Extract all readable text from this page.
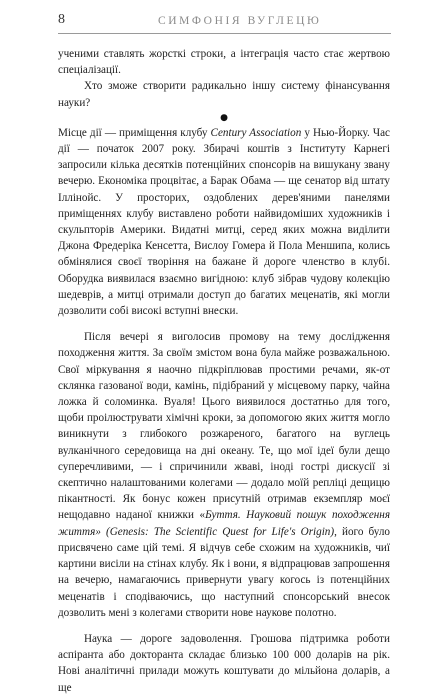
8	СИМФОНІЯ ВУГЛЕЦЮ

ученими ставлять жорсткі строки, а інтеграція часто стає жертвою спеціалізації.

Хто зможе створити радикально іншу систему фінансування науки?

●

Місце дії — приміщення клубу Century Association у Нью-Йорку. Час дії — початок 2007 року. Збирачі коштів з Інституту Карнегі запросили кілька десятків потенційних спонсорів на вишукану звану вечерю. Економіка процвітає, а Барак Обама — ще сенатор від штату Іллінойс. У просторих, оздоблених дерев'яними панелями приміщеннях клубу виставлено роботи найвидоміших художників і скульпторів Америки. Видатні митці, серед яких можна виділити Джона Фредеріка Кенсетта, Вислоу Гомера й Пола Меншипа, колись обмінялися своєї творіння на бажане й дороге членство в клубі. Оборудка виявилася взаємно вигідною: клуб зібрав чудову колекцію шедеврів, а митці отримали доступ до багатих меценатів, які могли дозволити собі високі вступні внески.

Після вечері я виголосив промову на тему дослідження походження життя. За своїм змістом вона була майже розважальною. Свої міркування я наочно підкріплював простими речами, як-от склянка газованої води, камінь, підібраний у місцевому парку, чайна ложка й соломинка. Вуаля! Цього виявилося достатньо для того, щоби проілюструвати хімічні кроки, за допомогою яких життя могло виникнути з глибокого розжареного, багатого на вуглець вулканічного середовища на дні океану. Те, що мої ідеї були дещо суперечливими, — і спричинили жваві, іноді гострі дискусії зі скептично налаштованими колегами — додало моїй репліці дещицю пікантності. Як бонус кожен присутній отримав екземпляр моєї нещодавно наданої книжки «Буття. Науковий пошук походження життя» (Genesis: The Scientific Quest for Life's Origin), його було присвячено саме цій темі. Я відчув себе схожим на художників, чиї картини висіли на стінах клубу. Як і вони, я відпрацював запрошення на вечерю, намагаючись привернути увагу когось із потенційних меценатів і сподіваючись, що наступний спонсорський внесок дозволить мені з колегами створити нове наукове полотно.

Наука — дороге задоволення. Грошова підтримка роботи аспіранта або докторанта складає близько 100 000 доларів на рік. Нові аналітичні прилади можуть коштувати до мільйона доларів, а ще
